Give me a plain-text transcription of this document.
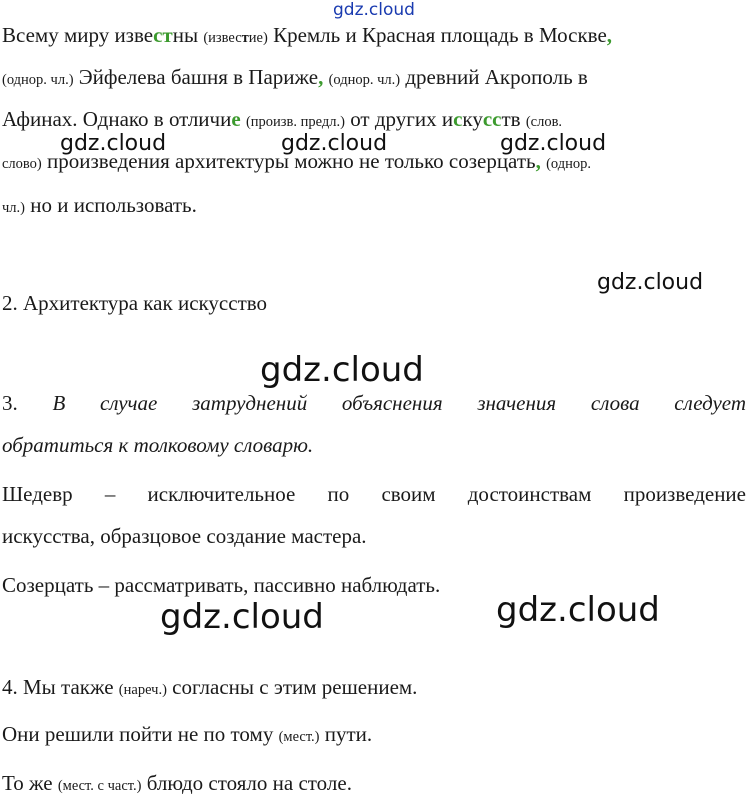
gdz.cloud
gdz.cloud	gdz.cloud	gdz.cloud
gdz.cloud
gdz.cloud
gdz.cloud	gdz.cloud
Всему миру известны (известие) Кремль и Красная площадь в Москве,
(однор. чл.) Эйфелева башня в Париже, (однор. чл.) древний Акрополь в
Афинах. Однако в отличие (произв. предл.) от других искусств (слов.
слово) произведения архитектуры можно не только созерцать, (однор.
чл.) но и использовать.
2. Архитектура как искусство
3. В случае затруднений объяснения значения слова следует
обратиться к толковому словарю.
Шедевр – исключительное по своим достоинствам произведение
искусства, образцовое создание мастера.
Созерцать – рассматривать, пассивно наблюдать.
4. Мы также (нареч.) согласны с этим решением.
Они решили пойти не по тому (мест.) пути.
То же (мест. с част.) блюдо стояло на столе.
